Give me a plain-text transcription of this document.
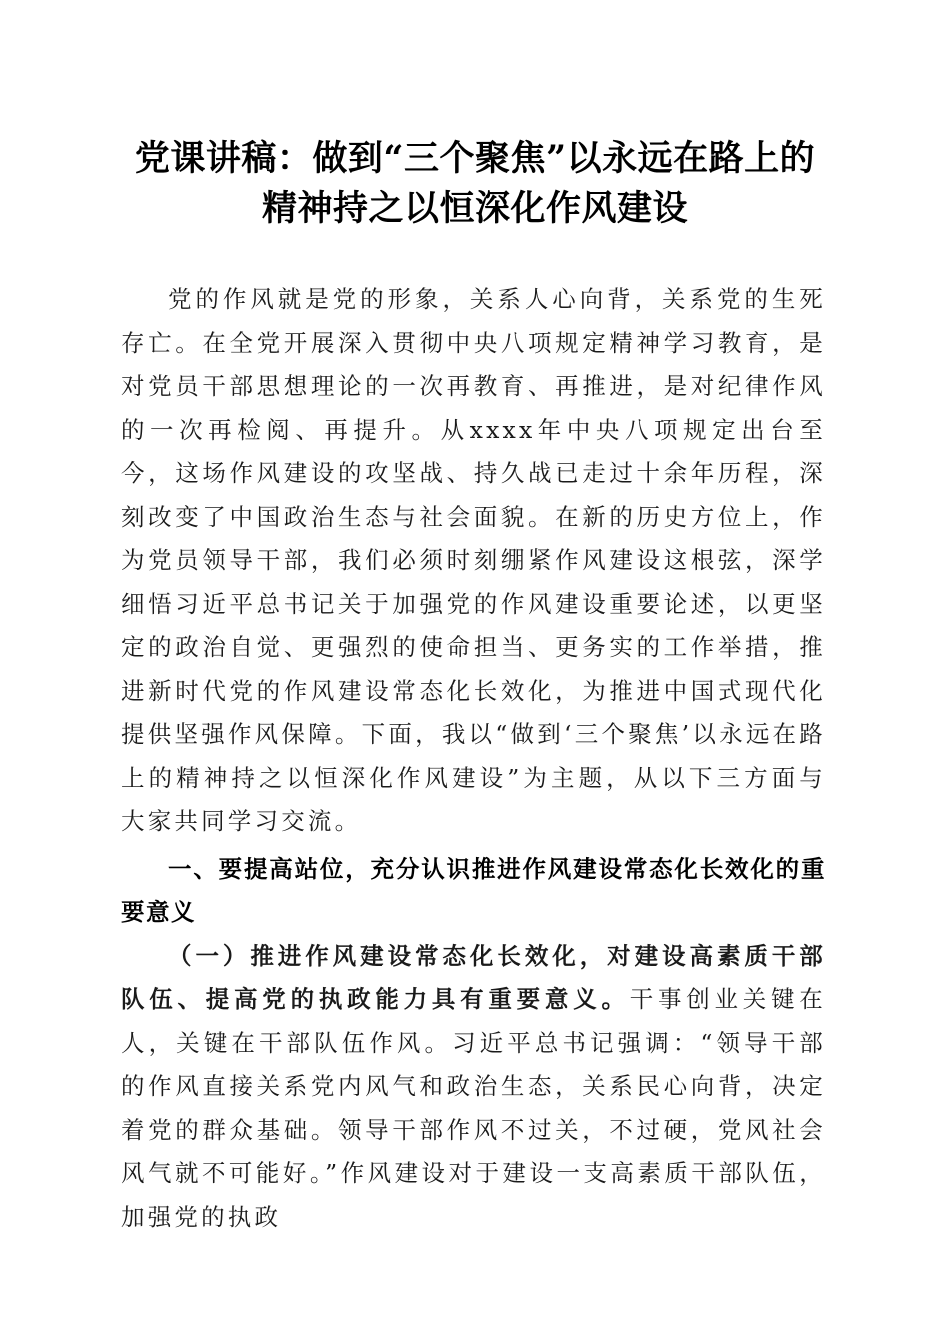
党课讲稿：做到“三个聚焦”以永远在路上的
精神持之以恒深化作风建设

党的作风就是党的形象，关系人心向背，关系党的生死存亡。在全党开展深入贯彻中央八项规定精神学习教育，是对党员干部思想理论的一次再教育、再推进，是对纪律作风的一次再检阅、再提升。从xxxx年中央八项规定出台至今，这场作风建设的攻坚战、持久战已走过十余年历程，深刻改变了中国政治生态与社会面貌。在新的历史方位上，作为党员领导干部，我们必须时刻绷紧作风建设这根弦，深学细悟习近平总书记关于加强党的作风建设重要论述，以更坚定的政治自觉、更强烈的使命担当、更务实的工作举措，推进新时代党的作风建设常态化长效化，为推进中国式现代化提供坚强作风保障。下面，我以“做到‘三个聚焦’以永远在路上的精神持之以恒深化作风建设”为主题，从以下三方面与大家共同学习交流。

一、要提高站位，充分认识推进作风建设常态化长效化的重要意义

（一）推进作风建设常态化长效化，对建设高素质干部队伍、提高党的执政能力具有重要意义。干事创业关键在人，关键在干部队伍作风。习近平总书记强调：“领导干部的作风直接关系党内风气和政治生态，关系民心向背，决定着党的群众基础。领导干部作风不过关，不过硬，党风社会风气就不可能好。”作风建设对于建设一支高素质干部队伍，加强党的执政
